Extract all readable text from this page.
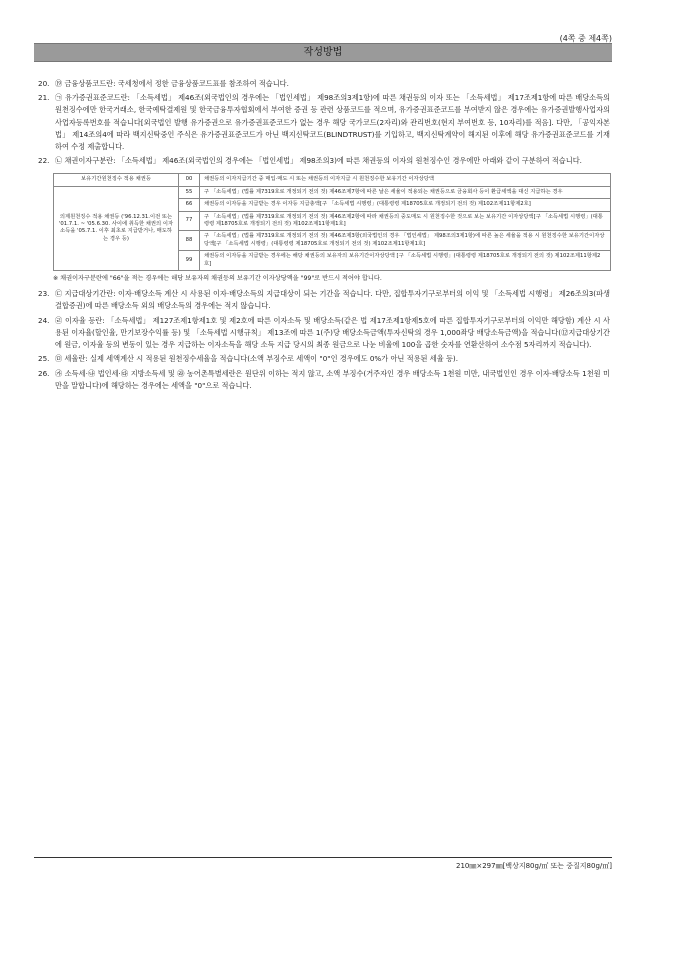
(4쪽 중 제4쪽)
작성방법
20. ⑲ 금융상품코드란: 국세청에서 정한 금융상품코드표를 참조하여 적습니다.

21. ㉠ 유가증권표준코드란: 「소득세법」 제46조(외국법인의 경우에는 「법인세법」 제98조의3제1항)에 따른 채권등의 이자 또는 「소득세법」 제17조제1항에 따른 배당소득의 원천징수에만 한국거래소, 한국예탁결제원 및 한국금융투자협회에서 부여한 증권 등 관련 상품코드를 적으며, 유가증권표준코드를 부여받지 않은 경우에는 유가증권발행사업자의 사업자등록번호를 적습니다[외국법인 발행 유가증권으로 유가증권표준코드가 없는 경우 해당 국가코드(2자리)와 관리번호(현지 부여번호 등, 10자리)를 적음]. 다만, 「공익자본법」 제14조의4에 따라 백지신탁중인 주식은 유가증권표준코드가 아닌 백지신탁코드(BLINDTRUST)를 기입하고, 백지신탁계약이 해지된 이후에 해당 유가증권표준코드를 기재하여 수정 제출합니다.

22. ㉡ 채권이자구분란: 「소득세법」 제46조(외국법인의 경우에는 「법인세법」 제98조의3)에 따른 채권등의 이자의 원천징수인 경우에만 아래와 같이 구분하여 적습니다.

보유기간원천징수 적용 채권등	00	채권등의 이자지급기간 중 매입·매도 시 또는 채권등의 이자지급 시 원천징수한 보유기간 이자상당액
의제원천징수 적용 채권등 ('96.12.31.이전 또는 '01.7.1. ~ '05.6.30. 사이에 취득한 채권의 이자소득을 '05.7.1. 이후 최초로 지급받거나, 매도하는 경우 등)	55	구 「소득세법」(법률 제7319호로 개정되기 전의 것) 제46조제7항에 따른 날은 세율이 적용되는 채권등으로 금융회사 등이 환급세액을 대신 지급하는 경우
	66	채권등의 이자등을 지급받는 경우 이자등 지급총액[구 「소득세법 시행령」(대통령령 제18705호로 개정되기 전의 것) 제102조제11항제2호]
	77	구 「소득세법」(법률 제7319호로 개정되기 전의 것) 제46조제2항에 따라 채권등의 중도매도 시 원천징수한 것으로 보는 보유기간 이자상당액[구 「소득세법 시행령」(대통령령 제18705호로 개정되기 전의 것) 제102조제11항제1호]
	88	구 「소득세법」(법률 제7319호로 개정되기 전의 것) 제46조제3항(외국법인의 경우 「법인세법」 제98조의3제1항)에 따른 높은 세율을 적용 시 원천징수한 보유기간이자상당액[구 「소득세법 시행령」(대통령령 제18705호로 개정되기 전의 것) 제102조제11항제1호]
	99	채권등의 이자등을 지급받는 경우에는 해당 채권등의 보유자의 보유기간이자상당액 [구 「소득세법 시행령」(대통령령 제18705호로 개정되기 전의 것) 제102조제11항제2호]

※ 채권이자구분란에 "66"을 적는 경우에는 해당 보유자의 채권등의 보유기간 이자상당액을 "99"로 반드시 적어야 합니다.

23. ㉢ 지급대상기간란: 이자·배당소득 계산 시 사용된 이자·배당소득의 지급대상이 되는 기간을 적습니다. 다만, 집합투자기구로부터의 이익 및 「소득세법 시행령」 제26조의3(파생결합증권)에 따른 배당소득 외의 배당소득의 경우에는 적지 않습니다.

24. ㉣ 이자율 등란: 「소득세법」 제127조제1항제1호 및 제2호에 따른 이자소득 및 배당소득(같은 법 제17조제1항제5호에 따른 집합투자기구로부터의 이익만 해당함) 계산 시 사용된 이자율(할인율, 만기보장수익률 등) 및 「소득세법 시행규칙」 제13조에 따른 1(주)당 배당소득금액(투자신탁의 경우 1,000좌당 배당소득금액)을 적습니다(⑫지급대상기간에 원금, 이자율 등의 변동이 있는 경우 지급하는 이자소득을 해당 소득 지급 당시의 최종 원금으로 나눈 비율에 100을 곱한 숫자를 연환산하여 소수점 5자리까지 적습니다).

25. ㉤ 세율란: 실제 세액계산 시 적용된 원천징수세율을 적습니다(소액 부징수로 세액이 "0"인 경우에도 0%가 아닌 적용된 세율 등).

26. ㉮ 소득세·㉯ 법인세·㉰ 지방소득세 및 ㉱ 농어촌특별세란은 원단위 이하는 적지 않고, 소액 부징수(거주자인 경우 배당소득 1천원 미만, 내국법인인 경우 이자·배당소득 1천원 미만을 말합니다)에 해당하는 경우에는 세액을 "0"으로 적습니다.

210㎜×297㎜[백상지80g/㎡ 또는 중질지80g/㎡]
